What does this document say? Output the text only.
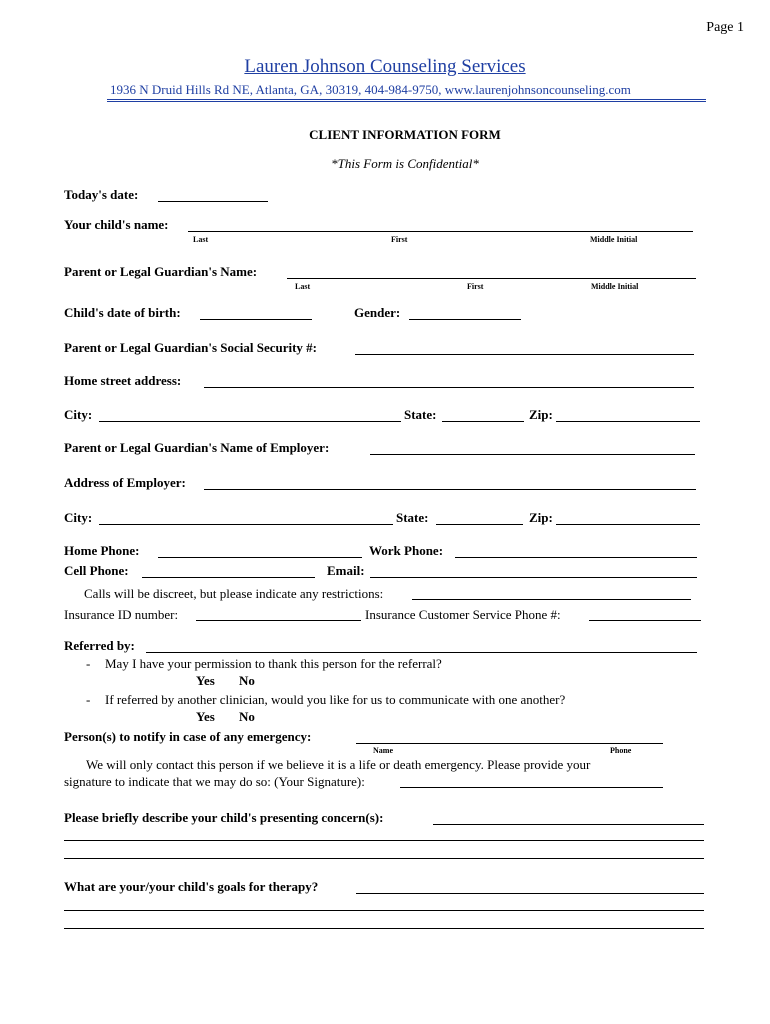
Page 1
Lauren Johnson Counseling Services
1936 N Druid Hills Rd NE, Atlanta, GA, 30319, 404-984-9750, www.laurenjohnsoncounseling.com
CLIENT INFORMATION FORM
*This Form is Confidential*
Today's date:
Your child's name:
Last	First	Middle Initial
Parent or Legal Guardian's Name:
Last	First	Middle Initial
Child's date of birth:	Gender:
Parent or Legal Guardian's Social Security #:
Home street address:
City:	State:	Zip:
Parent or Legal Guardian's Name of Employer:
Address of Employer:
City:	State:	Zip:
Home Phone:	Work Phone:
Cell Phone:	Email:
Calls will be discreet, but please indicate any restrictions:
Insurance ID number:	Insurance Customer Service Phone #:
Referred by:
- May I have your permission to thank this person for the referral?
Yes No
- If referred by another clinician, would you like for us to communicate with one another?
Yes No
Person(s) to notify in case of any emergency:
Name	Phone
We will only contact this person if we believe it is a life or death emergency. Please provide your
signature to indicate that we may do so: (Your Signature):
Please briefly describe your child's presenting concern(s):
What are your/your child's goals for therapy?
